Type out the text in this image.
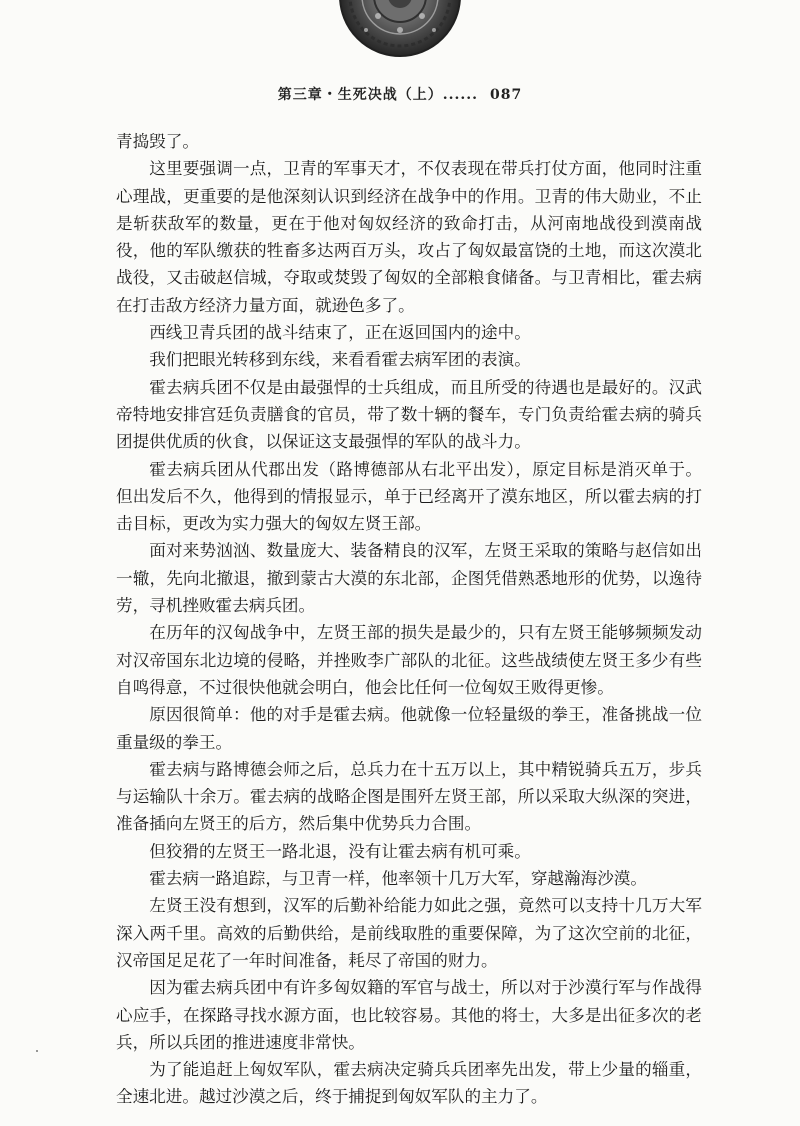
第三章・生死决战（上）...... 087

青捣毁了。

这里要强调一点，卫青的军事天才，不仅表现在带兵打仗方面，他同时注重心理战，更重要的是他深刻认识到经济在战争中的作用。卫青的伟大勋业，不止是斩获敌军的数量，更在于他对匈奴经济的致命打击，从河南地战役到漠南战役，他的军队缴获的牲畜多达两百万头，攻占了匈奴最富饶的土地，而这次漠北战役，又击破赵信城，夺取或焚毁了匈奴的全部粮食储备。与卫青相比，霍去病在打击敌方经济力量方面，就逊色多了。

西线卫青兵团的战斗结束了，正在返回国内的途中。

我们把眼光转移到东线，来看看霍去病军团的表演。

霍去病兵团不仅是由最强悍的士兵组成，而且所受的待遇也是最好的。汉武帝特地安排宫廷负责膳食的官员，带了数十辆的餐车，专门负责给霍去病的骑兵团提供优质的伙食，以保证这支最强悍的军队的战斗力。

霍去病兵团从代郡出发（路博德部从右北平出发），原定目标是消灭单于。但出发后不久，他得到的情报显示，单于已经离开了漠东地区，所以霍去病的打击目标，更改为实力强大的匈奴左贤王部。

面对来势汹汹、数量庞大、装备精良的汉军，左贤王采取的策略与赵信如出一辙，先向北撤退，撤到蒙古大漠的东北部，企图凭借熟悉地形的优势，以逸待劳，寻机挫败霍去病兵团。

在历年的汉匈战争中，左贤王部的损失是最少的，只有左贤王能够频频发动对汉帝国东北边境的侵略，并挫败李广部队的北征。这些战绩使左贤王多少有些自鸣得意，不过很快他就会明白，他会比任何一位匈奴王败得更惨。

原因很简单：他的对手是霍去病。他就像一位轻量级的拳王，准备挑战一位重量级的拳王。

霍去病与路博德会师之后，总兵力在十五万以上，其中精锐骑兵五万，步兵与运输队十余万。霍去病的战略企图是围歼左贤王部，所以采取大纵深的突进，准备插向左贤王的后方，然后集中优势兵力合围。

但狡猾的左贤王一路北退，没有让霍去病有机可乘。

霍去病一路追踪，与卫青一样，他率领十几万大军，穿越瀚海沙漠。

左贤王没有想到，汉军的后勤补给能力如此之强，竟然可以支持十几万大军深入两千里。高效的后勤供给，是前线取胜的重要保障，为了这次空前的北征，汉帝国足足花了一年时间准备，耗尽了帝国的财力。

因为霍去病兵团中有许多匈奴籍的军官与战士，所以对于沙漠行军与作战得心应手，在探路寻找水源方面，也比较容易。其他的将士，大多是出征多次的老兵，所以兵团的推进速度非常快。

为了能追赶上匈奴军队，霍去病决定骑兵兵团率先出发，带上少量的辎重，全速北进。越过沙漠之后，终于捕捉到匈奴军队的主力了。
